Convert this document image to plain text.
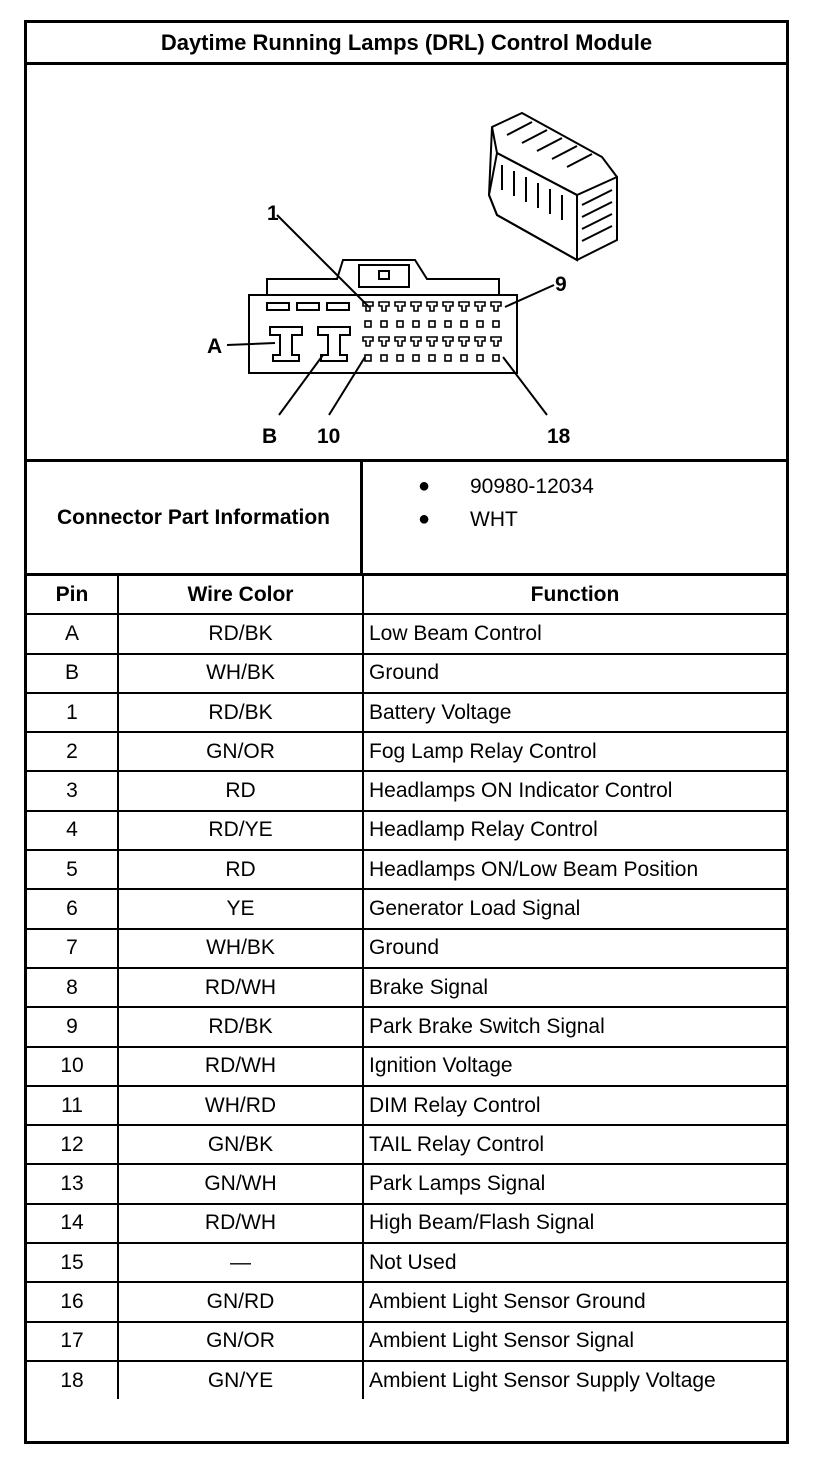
Daytime Running Lamps (DRL) Control Module
1
9
A
B 10	18
Connector Part Information
● 90980-12034
● WHT
Pin	Wire Color	Function
A	RD/BK	Low Beam Control
B	WH/BK	Ground
1	RD/BK	Battery Voltage
2	GN/OR	Fog Lamp Relay Control
3	RD	Headlamps ON Indicator Control
4	RD/YE	Headlamp Relay Control
5	RD	Headlamps ON/Low Beam Position
6	YE	Generator Load Signal
7	WH/BK	Ground
8	RD/WH	Brake Signal
9	RD/BK	Park Brake Switch Signal
10	RD/WH	Ignition Voltage
11	WH/RD	DIM Relay Control
12	GN/BK	TAIL Relay Control
13	GN/WH	Park Lamps Signal
14	RD/WH	High Beam/Flash Signal
15	—	Not Used
16	GN/RD	Ambient Light Sensor Ground
17	GN/OR	Ambient Light Sensor Signal
18	GN/YE	Ambient Light Sensor Supply Voltage
